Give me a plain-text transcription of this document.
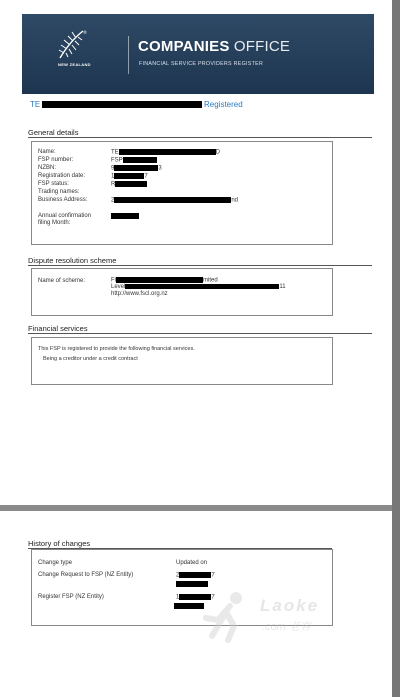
®
NEW ZEALAND
COMPANIES OFFICE
FINANCIAL SERVICE PROVIDERS REGISTER
TE	Registered
General details
Name:	TE	D
FSP number:	FSP
NZBN:	9	3
Registration date:	1	7
FSP status:	R
Trading names:
Business Address:	2	nd
Annual confirmation
filing Month:
Dispute resolution scheme
Name of scheme:	Fi	mited
Level	11
http://www.fscl.org.nz
Financial services
This FSP is registered to provide the following financial services.
Being a creditor under a credit contract
History of changes
Change type	Updated on
Change Request to FSP (NZ Entity)	2	7
Register FSP (NZ Entity)	1	7	Laoke
.com 老客
